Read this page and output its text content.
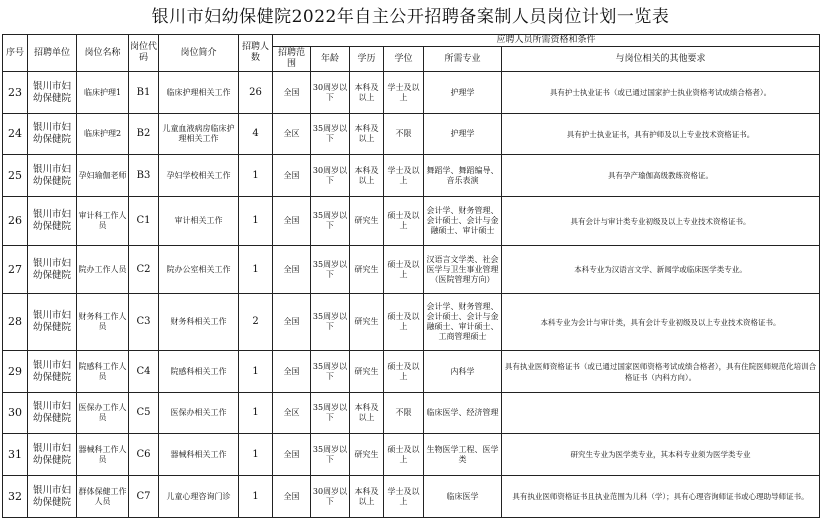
银川市妇幼保健院2022年自主公开招聘备案制人员岗位计划一览表
序号	招聘单位	岗位名称	岗位代码	岗位简介	招聘人数	应聘人员所需资格和条件					
						招聘范围	年龄	学历	学位	所需专业	与岗位相关的其他要求
23	银川市妇幼保健院	临床护理1	B1	临床护理相关工作	26	全国	30周岁以下	本科及以上	学士及以上	护理学	具有护士执业证书（或已通过国家护士执业资格考试成绩合格者）。
24	银川市妇幼保健院	临床护理2	B2	儿童血液病房临床护理相关工作	4	全区	35周岁以下	本科及以上	不限	护理学	具有护士执业证书，具有护师及以上专业技术资格证书。
25	银川市妇幼保健院	孕妇瑜伽老师	B3	孕妇学校相关工作	1	全国	30周岁以下	本科及以上	学士及以上	舞蹈学、舞蹈编导、音乐表演	具有孕产瑜伽高级教练资格证。
26	银川市妇幼保健院	审计科工作人员	C1	审计相关工作	1	全国	35周岁以下	研究生	硕士及以上	会计学、财务管理、会计硕士、会计与金融硕士、审计硕士	具有会计与审计类专业初级及以上专业技术资格证书。
27	银川市妇幼保健院	院办工作人员	C2	院办公室相关工作	1	全国	35周岁以下	研究生	硕士及以上	汉语言文学类、社会医学与卫生事业管理（医院管理方向）	本科专业为汉语言文学、新闻学或临床医学类专业。
28	银川市妇幼保健院	财务科工作人员	C3	财务科相关工作	2	全国	35周岁以下	研究生	硕士及以上	会计学、财务管理、会计硕士、会计与金融硕士、审计硕士、工商管理硕士	本科专业为会计与审计类，具有会计专业初级及以上专业技术资格证书。
29	银川市妇幼保健院	院感科工作人员	C4	院感科相关工作	1	全国	35周岁以下	研究生	硕士及以上	内科学	具有执业医师资格证书（或已通过国家医师资格考试成绩合格者），具有住院医师规范化培训合格证书（内科方向）。
30	银川市妇幼保健院	医保办工作人员	C5	医保办相关工作	1	全区	35周岁以下	本科及以上	不限	临床医学、经济管理	
31	银川市妇幼保健院	器械科工作人员	C6	器械科相关工作	1	全国	35周岁以下	研究生	硕士及以上	生物医学工程、医学类	研究生专业为医学类专业，其本科专业须为医学类专业
32	银川市妇幼保健院	群体保健工作人员	C7	儿童心理咨询门诊	1	全国	30周岁以下	本科及以上	学士及以上	临床医学	具有执业医师资格证书且执业范围为儿科（学）；具有心理咨询师证书或心理助导师证书。
